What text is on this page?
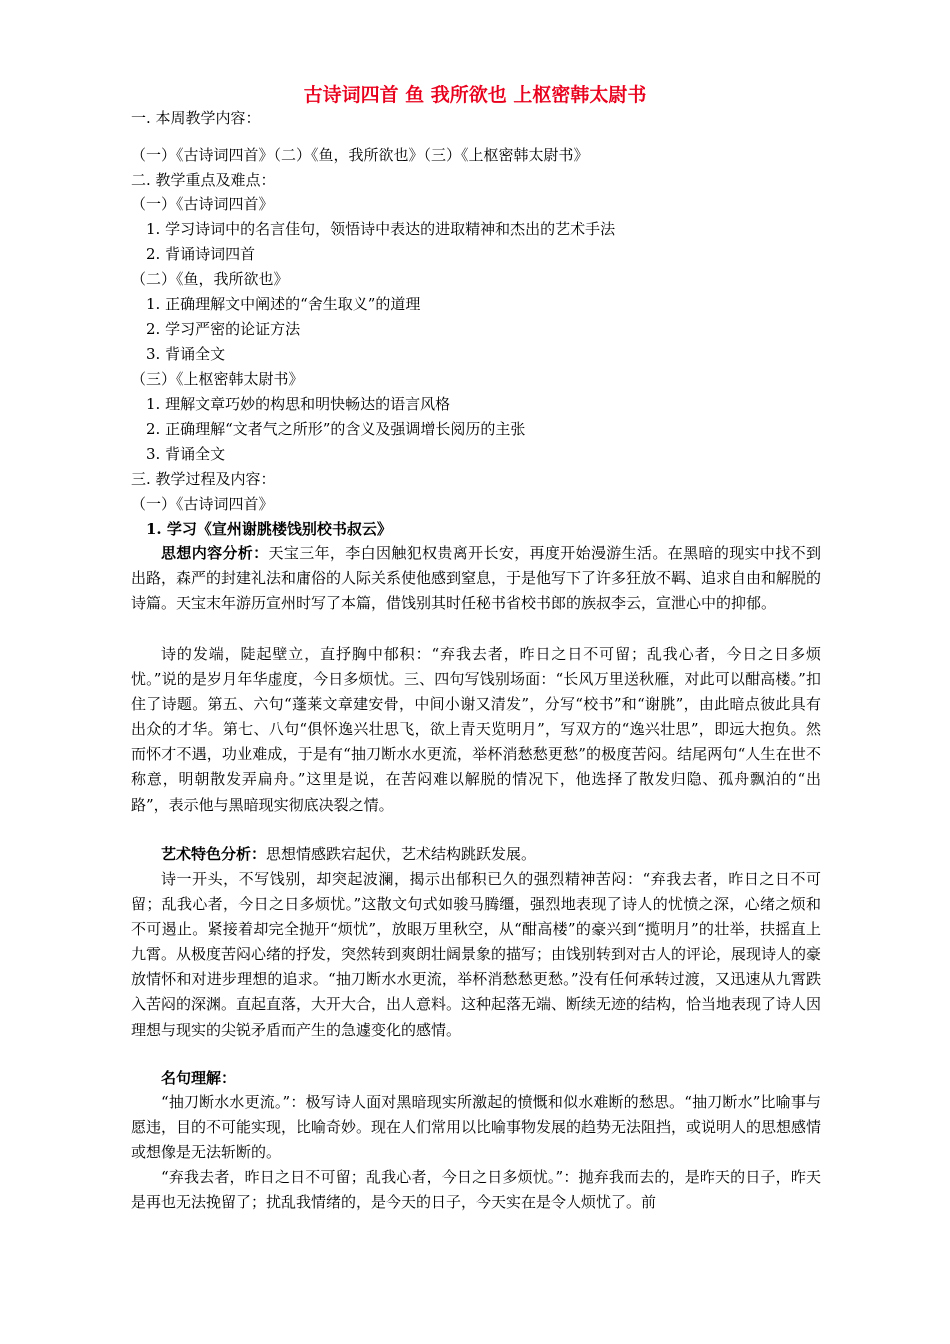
古诗词四首 鱼 我所欲也 上枢密韩太尉书
一. 本周教学内容：
（一）《古诗词四首》（二）《鱼，我所欲也》（三）《上枢密韩太尉书》
二. 教学重点及难点：
（一）《古诗词四首》
1. 学习诗词中的名言佳句，领悟诗中表达的进取精神和杰出的艺术手法
2. 背诵诗词四首
（二）《鱼，我所欲也》
1. 正确理解文中阐述的“舍生取义”的道理
2. 学习严密的论证方法
3. 背诵全文
（三）《上枢密韩太尉书》
1. 理解文章巧妙的构思和明快畅达的语言风格
2. 正确理解“文者气之所形”的含义及强调增长阅历的主张
3. 背诵全文
三. 教学过程及内容：
（一）《古诗词四首》
1. 学习《宣州谢朓楼饯别校书叔云》
思想内容分析：天宝三年，李白因触犯权贵离开长安，再度开始漫游生活。在黑暗的现实中找不到出路，森严的封建礼法和庸俗的人际关系使他感到窒息，于是他写下了许多狂放不羁、追求自由和解脱的诗篇。天宝末年游历宣州时写了本篇，借饯别其时任秘书省校书郎的族叔李云，宣泄心中的抑郁。
诗的发端，陡起壁立，直抒胸中郁积：“弃我去者，昨日之日不可留；乱我心者，今日之日多烦忧。”说的是岁月年华虚度，今日多烦忧。三、四句写饯别场面：“长风万里送秋雁，对此可以酣高楼。”扣住了诗题。第五、六句“蓬莱文章建安骨，中间小谢又清发”，分写“校书”和“谢朓”，由此暗点彼此具有出众的才华。第七、八句“俱怀逸兴壮思飞，欲上青天览明月”，写双方的“逸兴壮思”，即远大抱负。然而怀才不遇，功业难成，于是有“抽刀断水水更流，举杯消愁愁更愁”的极度苦闷。结尾两句“人生在世不称意，明朝散发弄扁舟。”这里是说，在苦闷难以解脱的情况下，他选择了散发归隐、孤舟飘泊的“出路”，表示他与黑暗现实彻底决裂之情。
艺术特色分析：思想情感跌宕起伏，艺术结构跳跃发展。
诗一开头，不写饯别，却突起波澜，揭示出郁积已久的强烈精神苦闷：“弃我去者，昨日之日不可留；乱我心者，今日之日多烦忧。”这散文句式如骏马腾缰，强烈地表现了诗人的忧愤之深，心绪之烦和不可遏止。紧接着却完全抛开“烦忧”，放眼万里秋空，从“酣高楼”的豪兴到“揽明月”的壮举，扶摇直上九霄。从极度苦闷心绪的抒发，突然转到爽朗壮阔景象的描写；由饯别转到对古人的评论，展现诗人的豪放情怀和对进步理想的追求。“抽刀断水水更流，举杯消愁愁更愁。”没有任何承转过渡，又迅速从九霄跌入苦闷的深渊。直起直落，大开大合，出人意料。这种起落无端、断续无迹的结构，恰当地表现了诗人因理想与现实的尖锐矛盾而产生的急遽变化的感情。
名句理解：
“抽刀断水水更流。”：极写诗人面对黑暗现实所激起的愤慨和似水难断的愁思。“抽刀断水”比喻事与愿违，目的不可能实现，比喻奇妙。现在人们常用以比喻事物发展的趋势无法阻挡，或说明人的思想感情或想像是无法斩断的。
“弃我去者，昨日之日不可留；乱我心者，今日之日多烦忧。”：抛弃我而去的，是昨天的日子，昨天是再也无法挽留了；扰乱我情绪的，是今天的日子，今天实在是令人烦忧了。前
